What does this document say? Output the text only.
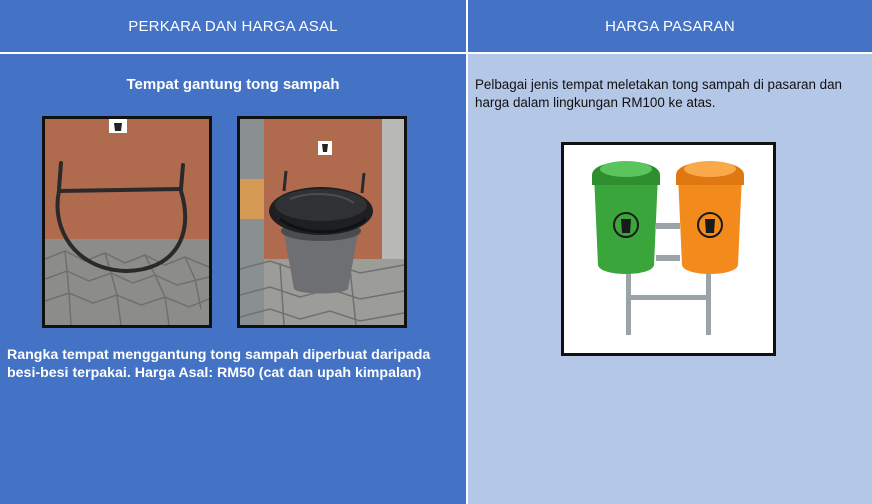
PERKARA DAN HARGA ASAL	HARGA PASARAN
Tempat gantung tong sampah
Rangka tempat menggantung tong sampah diperbuat daripada besi-besi terpakai. Harga Asal: RM50 (cat dan upah kimpalan)
Pelbagai jenis tempat meletakan tong sampah di pasaran dan harga dalam lingkungan RM100 ke atas.
